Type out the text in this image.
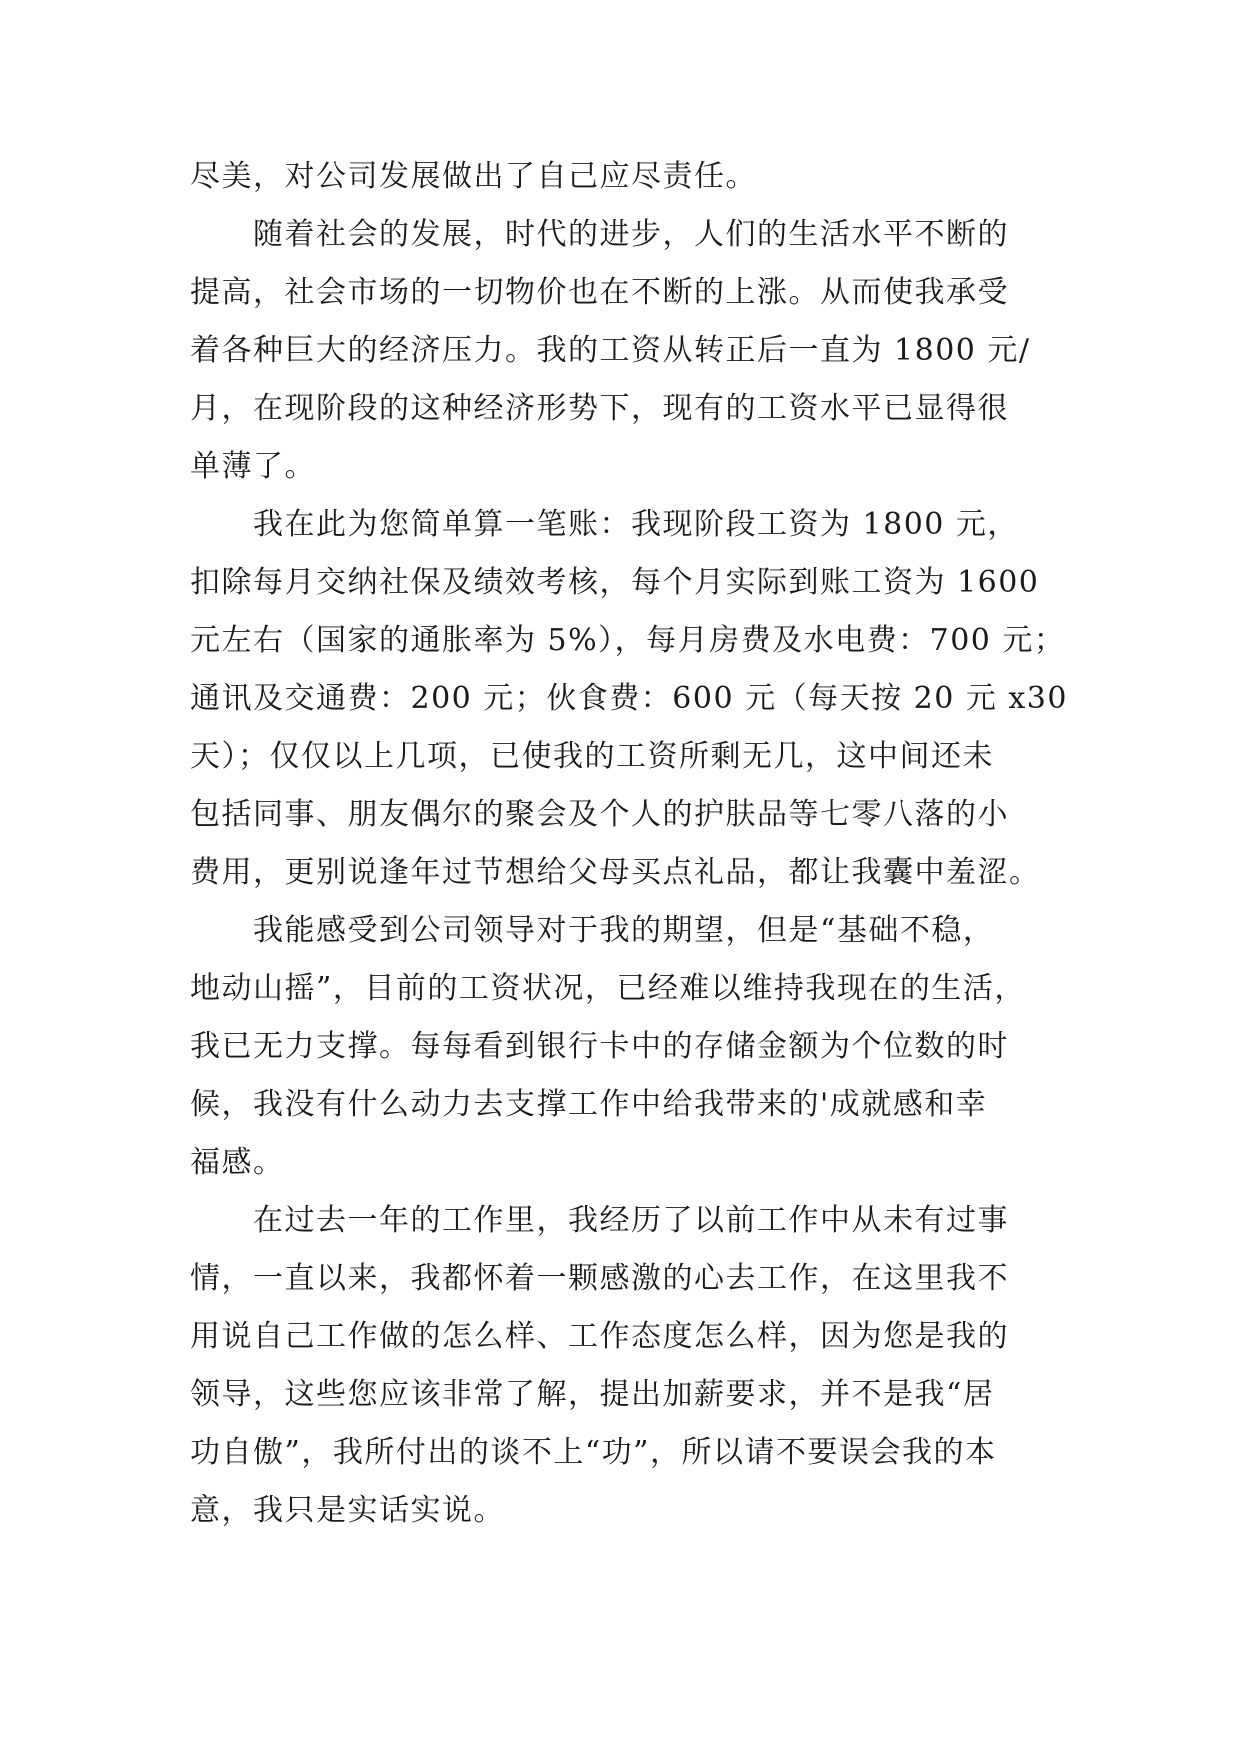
尽美，对公司发展做出了自己应尽责任。
　　随着社会的发展，时代的进步，人们的生活水平不断的
提高，社会市场的一切物价也在不断的上涨。从而使我承受
着各种巨大的经济压力。我的工资从转正后一直为 1800 元/
月，在现阶段的这种经济形势下，现有的工资水平已显得很
单薄了。
　　我在此为您简单算一笔账：我现阶段工资为 1800 元，
扣除每月交纳社保及绩效考核，每个月实际到账工资为 1600
元左右（国家的通胀率为 5%），每月房费及水电费：700 元；
通讯及交通费：200 元；伙食费：600 元（每天按 20 元 x30
天）；仅仅以上几项，已使我的工资所剩无几，这中间还未
包括同事、朋友偶尔的聚会及个人的护肤品等七零八落的小
费用，更别说逢年过节想给父母买点礼品，都让我囊中羞涩。
　　我能感受到公司领导对于我的期望，但是“基础不稳，
地动山摇”，目前的工资状况，已经难以维持我现在的生活，
我已无力支撑。每每看到银行卡中的存储金额为个位数的时
候，我没有什么动力去支撑工作中给我带来的'成就感和幸
福感。
　　在过去一年的工作里，我经历了以前工作中从未有过事
情，一直以来，我都怀着一颗感激的心去工作，在这里我不
用说自己工作做的怎么样、工作态度怎么样，因为您是我的
领导，这些您应该非常了解，提出加薪要求，并不是我“居
功自傲”，我所付出的谈不上“功”，所以请不要误会我的本
意，我只是实话实说。
